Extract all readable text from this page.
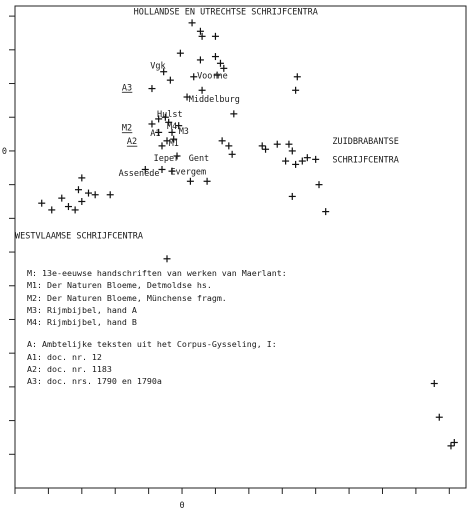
0
0
HOLLANDSE EN UTRECHTSE SCHRIJFCENTRA
Vgk
A3
Voorne
Middelburg
Hulst
M2	M4
A1 M3
A2	M1
Ieper Gent
Evergem
Assenede
ZUIDBRABANTSE
SCHRIJFCENTRA
WESTVLAAMSE SCHRIJFCENTRA
M: 13e-eeuwse handschriften van werken van Maerlant:
M1: Der Naturen Bloeme, Detmoldse hs.
M2: Der Naturen Bloeme, Münchense fragm.
M3: Rijmbijbel, hand A
M4: Rijmbijbel, hand B
A: Ambtelijke teksten uit het Corpus-Gysseling, I:
A1: doc. nr. 12
A2: doc. nr. 1183
A3: doc. nrs. 1790 en 1790a
